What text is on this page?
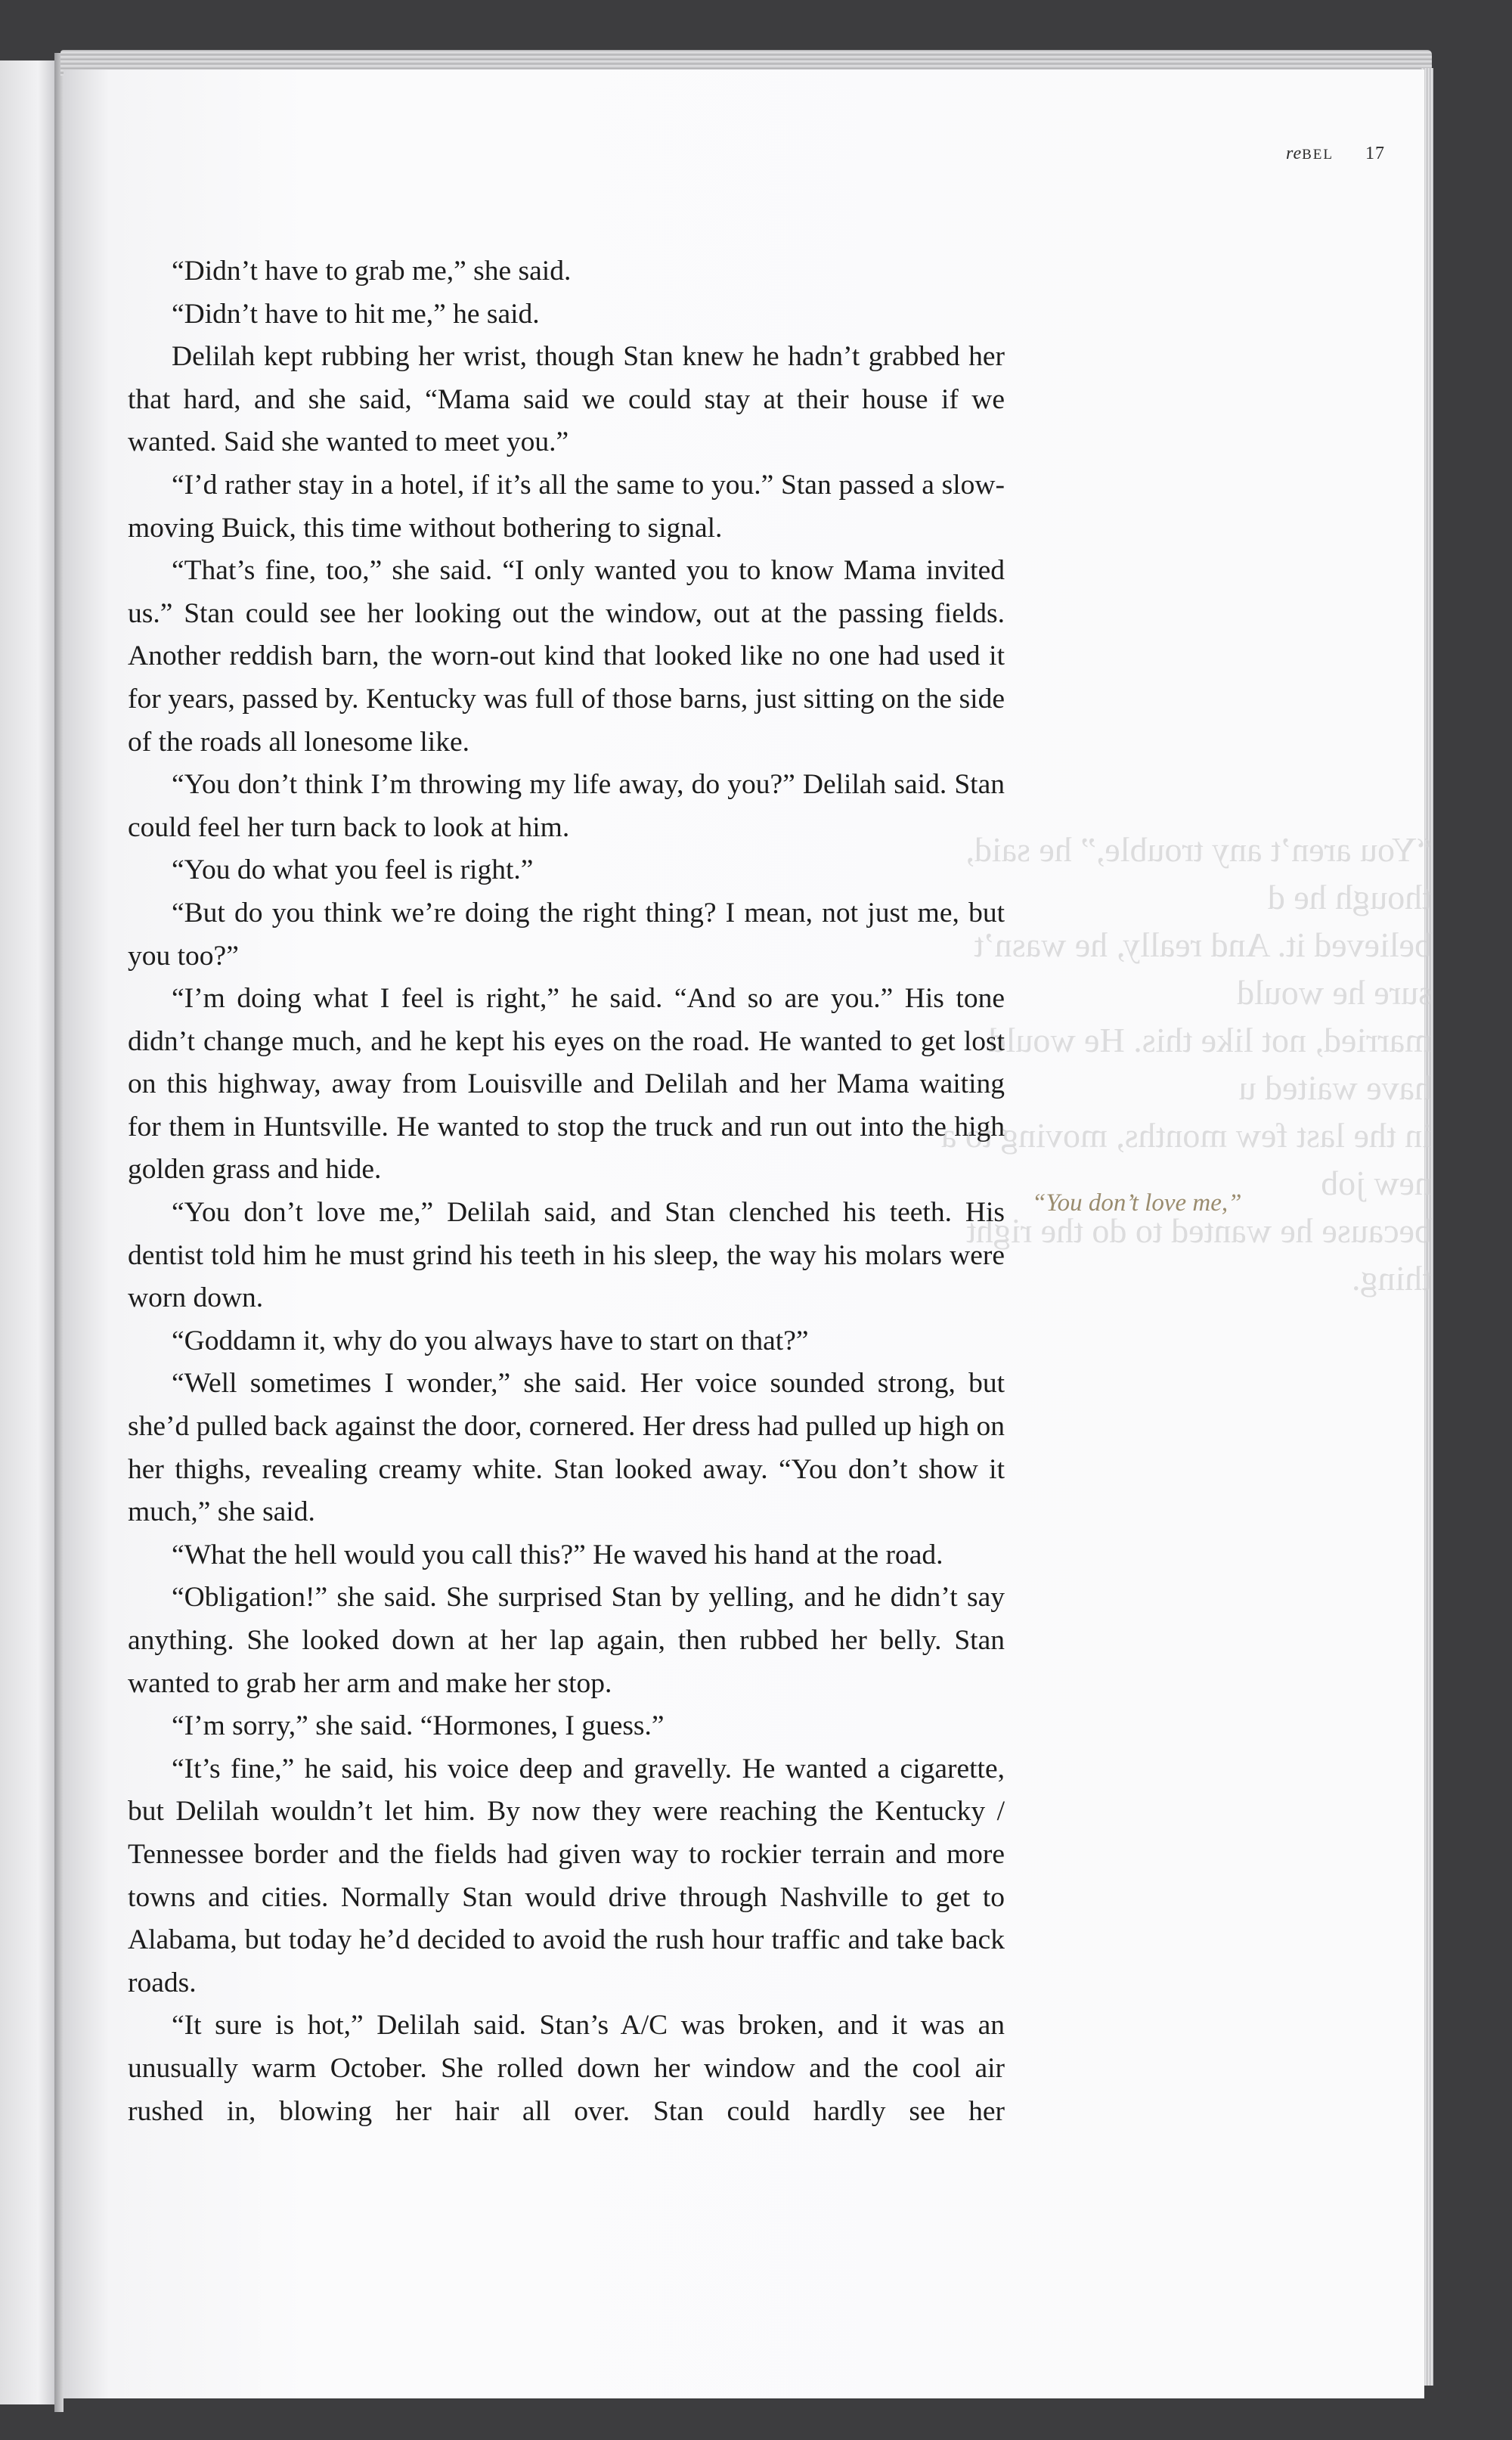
“You aren’t any trouble,” he said, though he d
believed it. And really, he wasn’t sure he would
married, not like this. He would have waited u
in the last few months, moving to a new job
because he wanted to do the right thing.
reBEL 17

“Didn’t have to grab me,” she said.

“Didn’t have to hit me,” he said.

Delilah kept rubbing her wrist, though Stan knew he hadn’t grabbed her that hard, and she said, “Mama said we could stay at their house if we wanted. Said she wanted to meet you.”

“I’d rather stay in a hotel, if it’s all the same to you.” Stan passed a slow-moving Buick, this time without bothering to signal.

“That’s fine, too,” she said. “I only wanted you to know Mama invited us.” Stan could see her looking out the window, out at the passing fields. Another reddish barn, the worn-out kind that looked like no one had used it for years, passed by. Kentucky was full of those barns, just sitting on the side of the roads all lonesome like.

“You don’t think I’m throwing my life away, do you?” Delilah said. Stan could feel her turn back to look at him.

“You do what you feel is right.”

“But do you think we’re doing the right thing? I mean, not just me, but you too?”

“I’m doing what I feel is right,” he said. “And so are you.” His tone didn’t change much, and he kept his eyes on the road. He wanted to get lost on this highway, away from Louisville and Delilah and her Mama waiting for them in Huntsville. He wanted to stop the truck and run out into the high golden grass and hide.

“You don’t love me,” Delilah said, and Stan clenched his teeth. His dentist told him he must grind his teeth in his sleep, the way his molars were worn down.

“Goddamn it, why do you always have to start on that?”

“Well sometimes I wonder,” she said. Her voice sounded strong, but she’d pulled back against the door, cornered. Her dress had pulled up high on her thighs, revealing creamy white. Stan looked away. “You don’t show it much,” she said.

“What the hell would you call this?” He waved his hand at the road.

“Obligation!” she said. She surprised Stan by yelling, and he didn’t say anything. She looked down at her lap again, then rubbed her belly. Stan wanted to grab her arm and make her stop.

“I’m sorry,” she said. “Hormones, I guess.”

“It’s fine,” he said, his voice deep and gravelly. He wanted a cigarette, but Delilah wouldn’t let him. By now they were reaching the Kentucky / Tennessee border and the fields had given way to rockier terrain and more towns and cities. Normally Stan would drive through Nashville to get to Alabama, but today he’d decided to avoid the rush hour traffic and take back roads.

“It sure is hot,” Delilah said. Stan’s A/C was broken, and it was an unusually warm October. She rolled down her window and the cool air rushed in, blowing her hair all over. Stan could hardly see her

“You don’t love me,”
